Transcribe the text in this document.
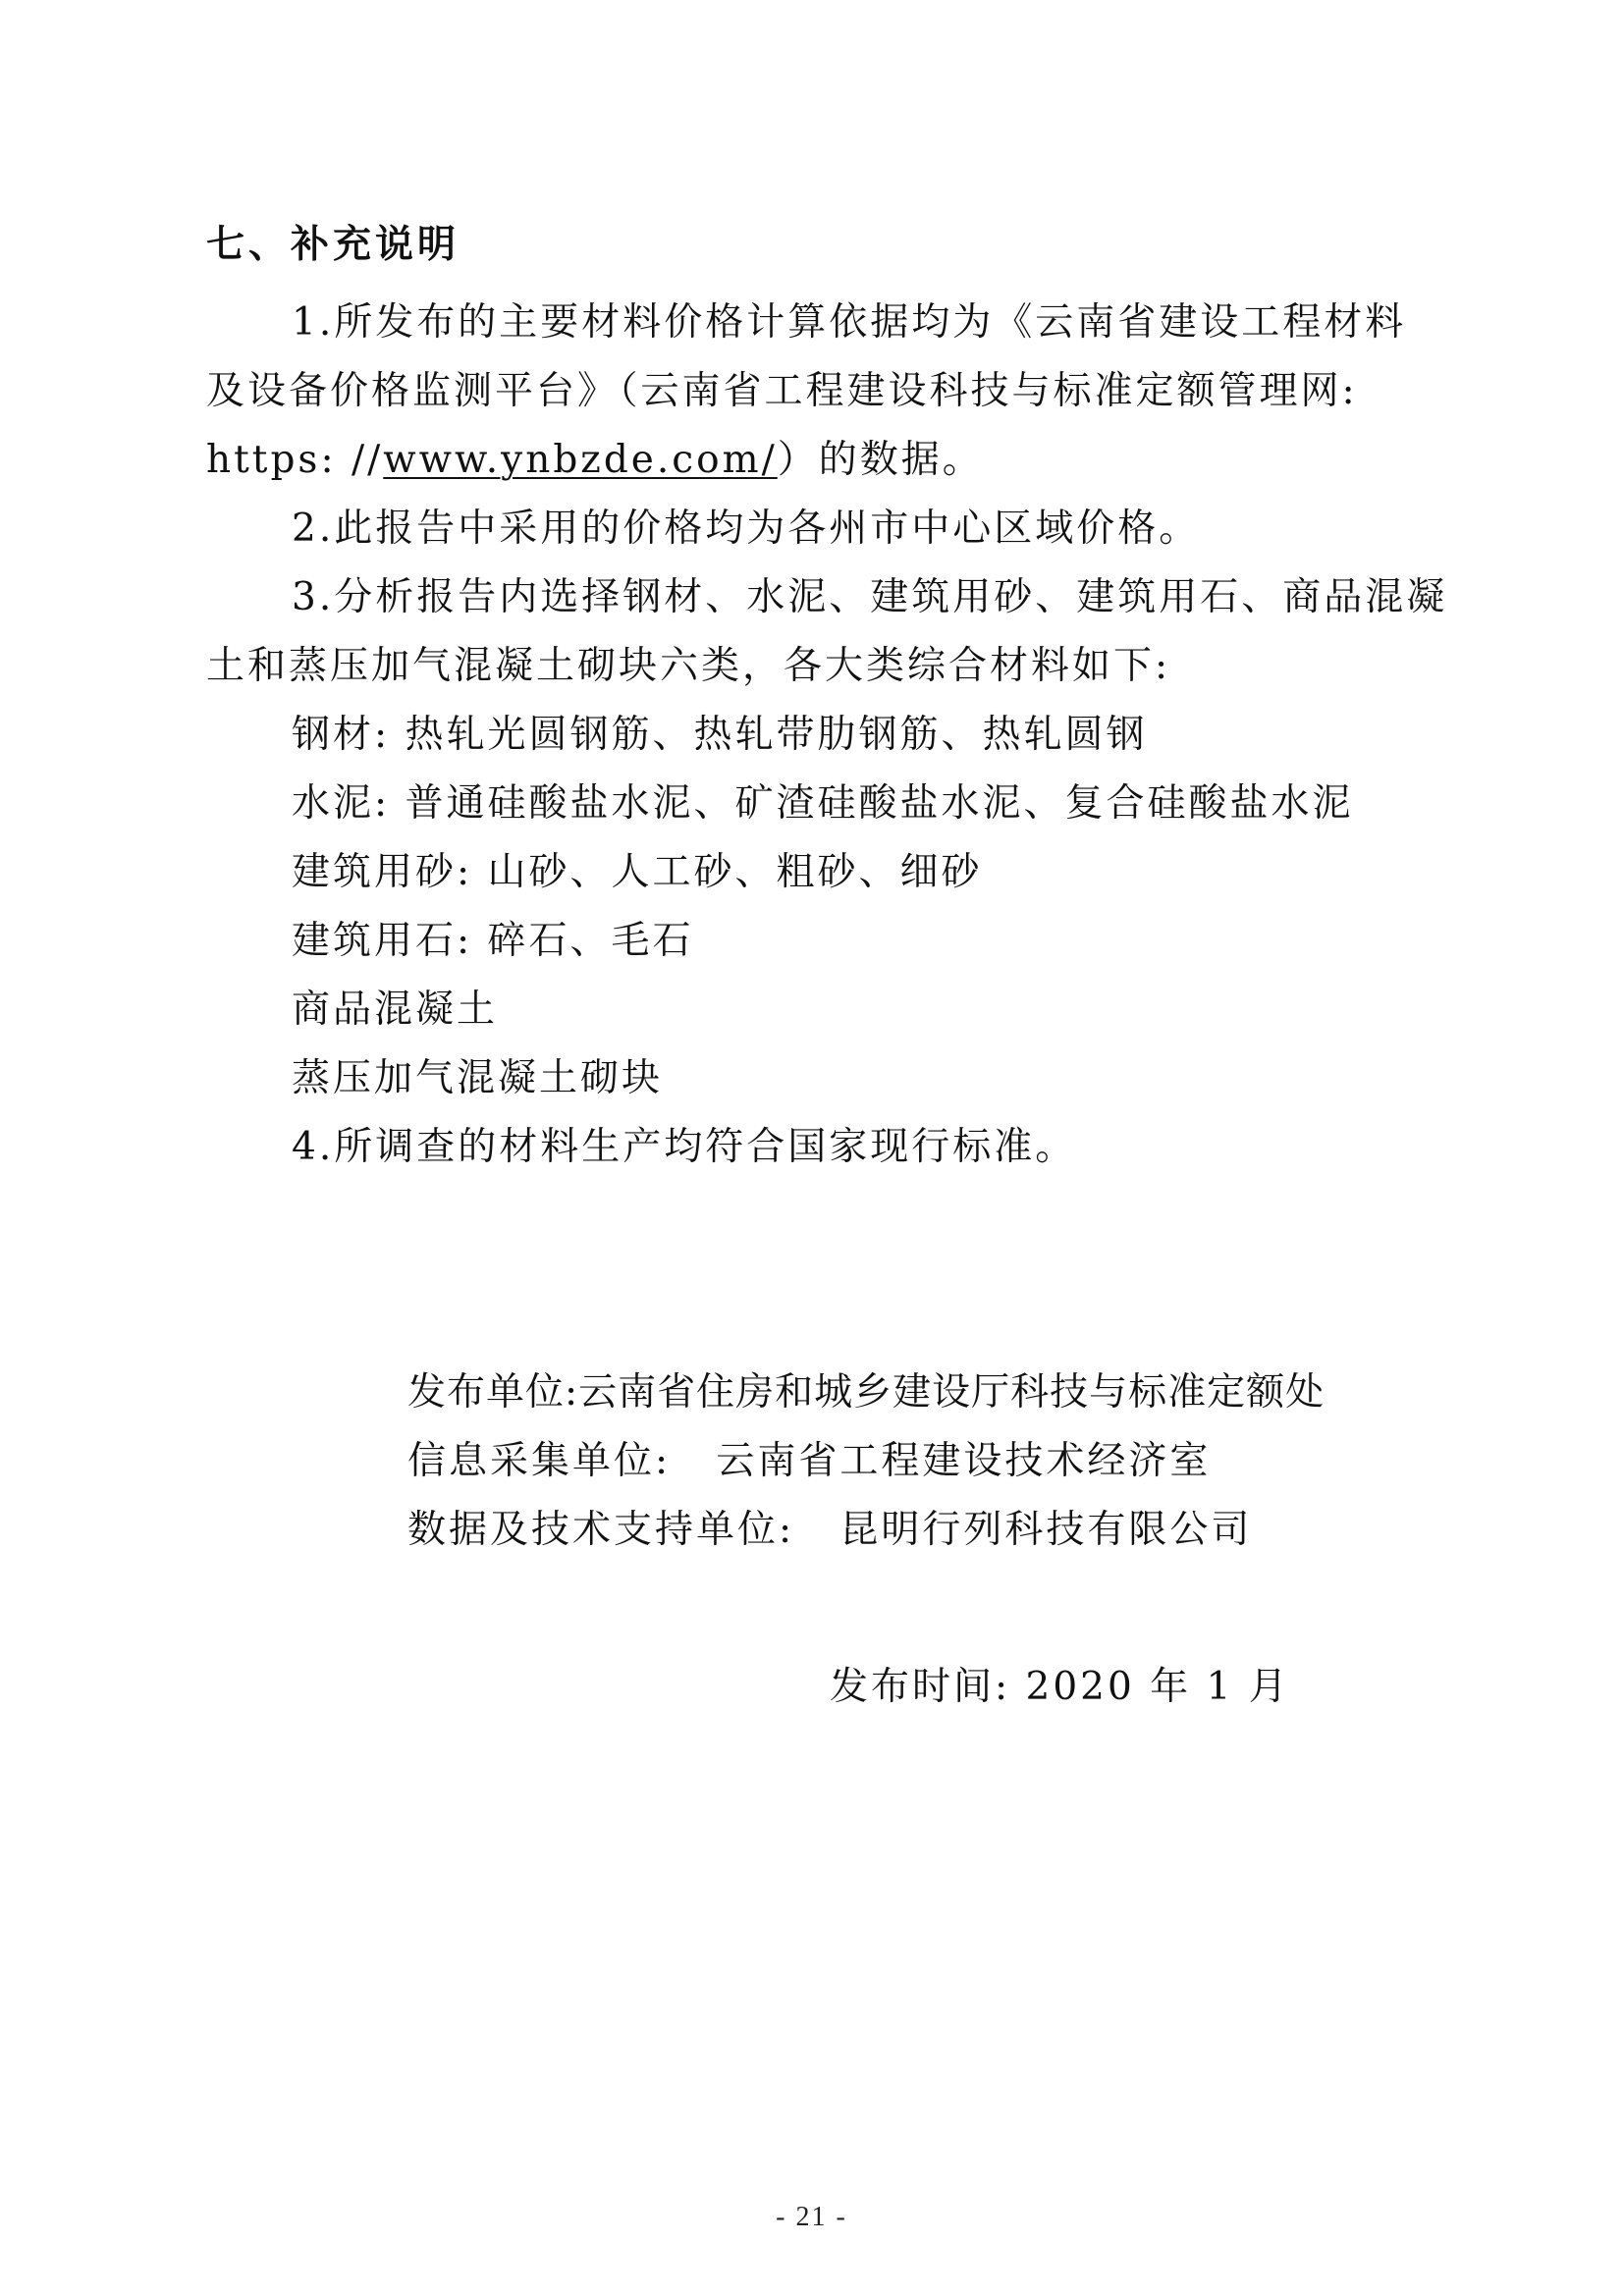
七、补充说明
1.所发布的主要材料价格计算依据均为《云南省建设工程材料
及设备价格监测平台》（云南省工程建设科技与标准定额管理网:
https: //www.ynbzde.com/）的数据。
2.此报告中采用的价格均为各州市中心区域价格。
3.分析报告内选择钢材、水泥、建筑用砂、建筑用石、商品混凝
土和蒸压加气混凝土砌块六类，各大类综合材料如下:
钢材: 热轧光圆钢筋、热轧带肋钢筋、热轧圆钢
水泥: 普通硅酸盐水泥、矿渣硅酸盐水泥、复合硅酸盐水泥
建筑用砂: 山砂、人工砂、粗砂、细砂
建筑用石: 碎石、毛石
商品混凝土
蒸压加气混凝土砌块
4.所调查的材料生产均符合国家现行标准。
发布单位:云南省住房和城乡建设厅科技与标准定额处
信息采集单位:   云南省工程建设技术经济室
数据及技术支持单位:   昆明行列科技有限公司
发布时间: 2020 年 1 月
- 21 -
